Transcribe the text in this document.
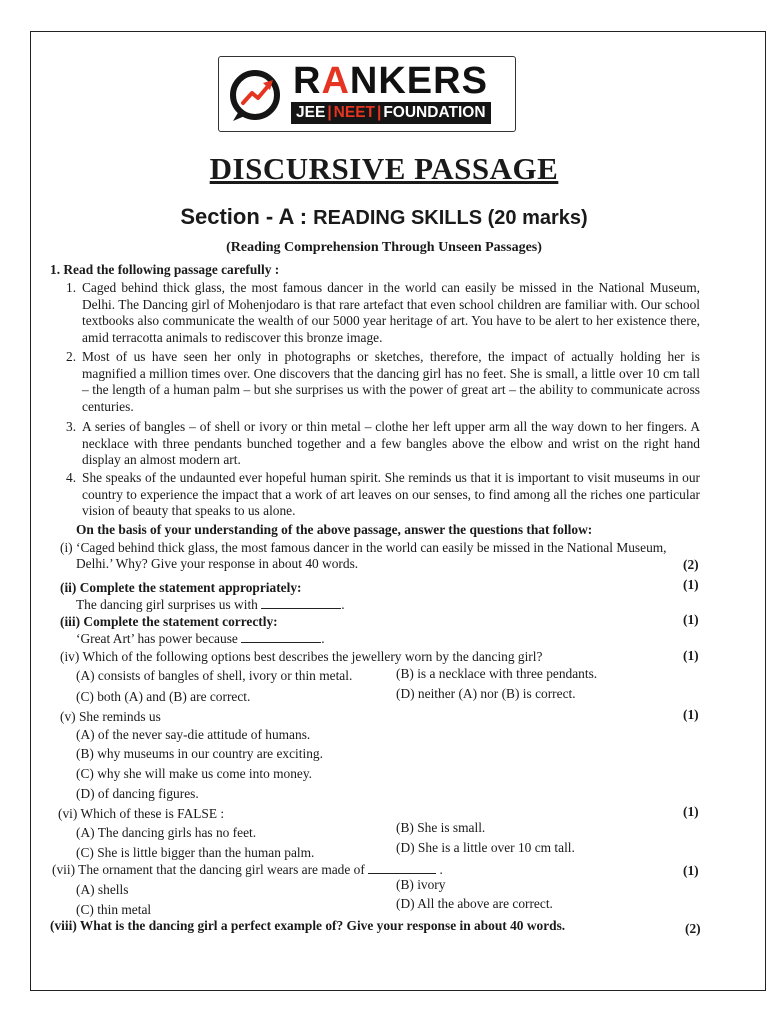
RANKERS
JEE | NEET | FOUNDATION
DISCURSIVE PASSAGE
Section - A : READING SKILLS (20 marks)
(Reading Comprehension Through Unseen Passages)
1. Read the following passage carefully :
1. Caged behind thick glass, the most famous dancer in the world can easily be missed in the National Museum, Delhi. The Dancing girl of Mohenjodaro is that rare artefact that even school children are familiar with. Our school textbooks also communicate the wealth of our 5000 year heritage of art. You have to be alert to her existence there, amid terracotta animals to rediscover this bronze image.
2. Most of us have seen her only in photographs or sketches, therefore, the impact of actually holding her is magnified a million times over. One discovers that the dancing girl has no feet. She is small, a little over 10 cm tall – the length of a human palm – but she surprises us with the power of great art – the ability to communicate across centuries.
3. A series of bangles – of shell or ivory or thin metal – clothe her left upper arm all the way down to her fingers. A necklace with three pendants bunched together and a few bangles above the elbow and wrist on the right hand display an almost modern art.
4. She speaks of the undaunted ever hopeful human spirit. She reminds us that it is important to visit museums in our country to experience the impact that a work of art leaves on our senses, to find among all the riches one particular vision of beauty that speaks to us alone.
On the basis of your understanding of the above passage, answer the questions that follow:
(i) ‘Caged behind thick glass, the most famous dancer in the world can easily be missed in the National Museum,
Delhi.’ Why? Give your response in about 40 words.	(2)
(ii) Complete the statement appropriately:	(1)
The dancing girl surprises us with	.
(iii) Complete the statement correctly:	(1)
‘Great Art’ has power because	.
(iv) Which of the following options best describes the jewellery worn by the dancing girl?	(1)
(A) consists of bangles of shell, ivory or thin metal.	(B) is a necklace with three pendants.
(C) both (A) and (B) are correct.	(D) neither (A) nor (B) is correct.
(v) She reminds us	(1)
(A) of the never say-die attitude of humans.
(B) why museums in our country are exciting.
(C) why she will make us come into money.
(D) of dancing figures.
(vi) Which of these is FALSE :	(1)
(A) The dancing girls has no feet.	(B) She is small.
(C) She is little bigger than the human palm.	(D) She is a little over 10 cm tall.
(vii) The ornament that the dancing girl wears are made of	.	(1)
(A) shells	(B) ivory
(C) thin metal	(D) All the above are correct.
(viii) What is the dancing girl a perfect example of? Give your response in about 40 words.	(2)
